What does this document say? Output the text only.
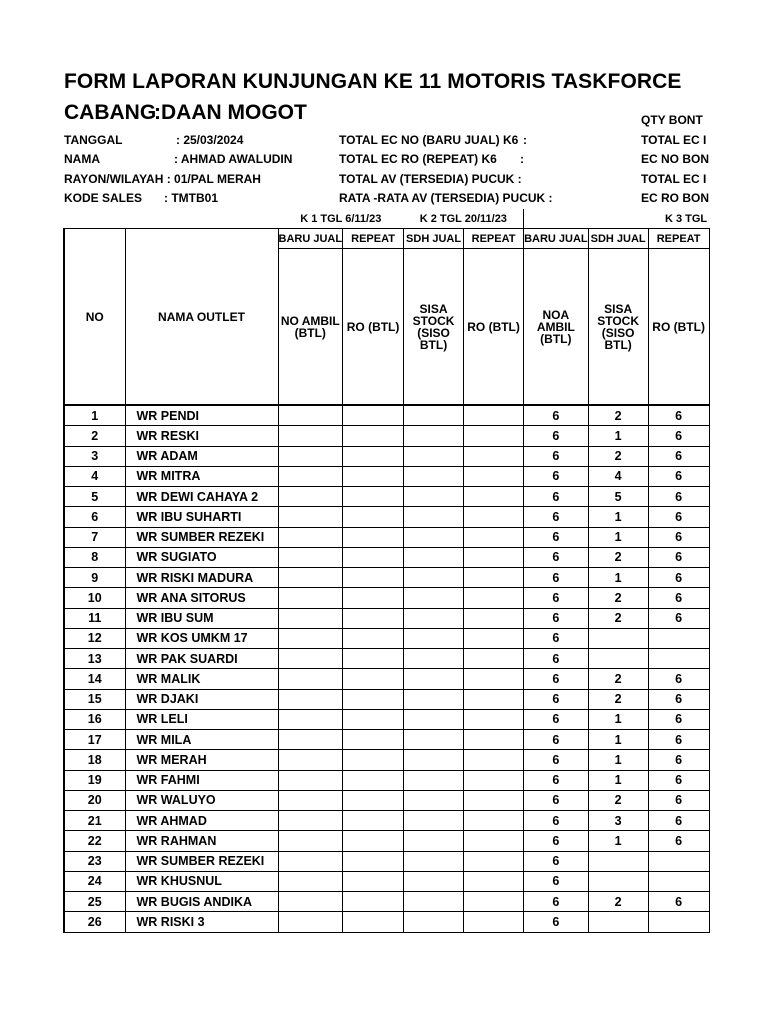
FORM LAPORAN KUNJUNGAN KE 11 MOTORIS TASKFORCE
CABANG
:DAAN MOGOT
TANGGAL	: 25/03/2024
NAMA	: AHMAD AWALUDIN
RAYON/WILAYAH : 01/PAL MERAH
KODE SALES : TMTB01
TOTAL EC NO (BARU JUAL) K6 :
TOTAL EC RO (REPEAT) K6 :
TOTAL AV (TERSEDIA) PUCUK :
RATA -RATA AV (TERSEDIA) PUCUK :
QTY BONT
TOTAL EC I
EC NO BON
TOTAL EC I
EC RO BON
		K 1 TGL 6/11/23		K 2 TGL 20/11/23			K 3 TGL	
NO	NAMA OUTLET	BARU JUAL	REPEAT	SDH JUAL	REPEAT	BARU JUAL	SDH JUAL	REPEAT
		NO AMBIL (BTL)	RO (BTL)	SISA STOCK (SISO BTL)	RO (BTL)	NOA AMBIL (BTL)	SISA STOCK (SISO BTL)	RO (BTL)
1	WR PENDI					6	2	6
2	WR RESKI					6	1	6
3	WR ADAM					6	2	6
4	WR MITRA					6	4	6
5	WR DEWI CAHAYA 2					6	5	6
6	WR IBU SUHARTI					6	1	6
7	WR SUMBER REZEKI					6	1	6
8	WR SUGIATO					6	2	6
9	WR RISKI MADURA					6	1	6
10	WR ANA SITORUS					6	2	6
11	WR IBU SUM					6	2	6
12	WR KOS UMKM 17					6		
13	WR PAK SUARDI					6		
14	WR MALIK					6	2	6
15	WR DJAKI					6	2	6
16	WR LELI					6	1	6
17	WR MILA					6	1	6
18	WR MERAH					6	1	6
19	WR FAHMI					6	1	6
20	WR WALUYO					6	2	6
21	WR AHMAD					6	3	6
22	WR RAHMAN					6	1	6
23	WR SUMBER REZEKI					6		
24	WR KHUSNUL					6		
25	WR BUGIS ANDIKA					6	2	6
26	WR RISKI 3					6		
